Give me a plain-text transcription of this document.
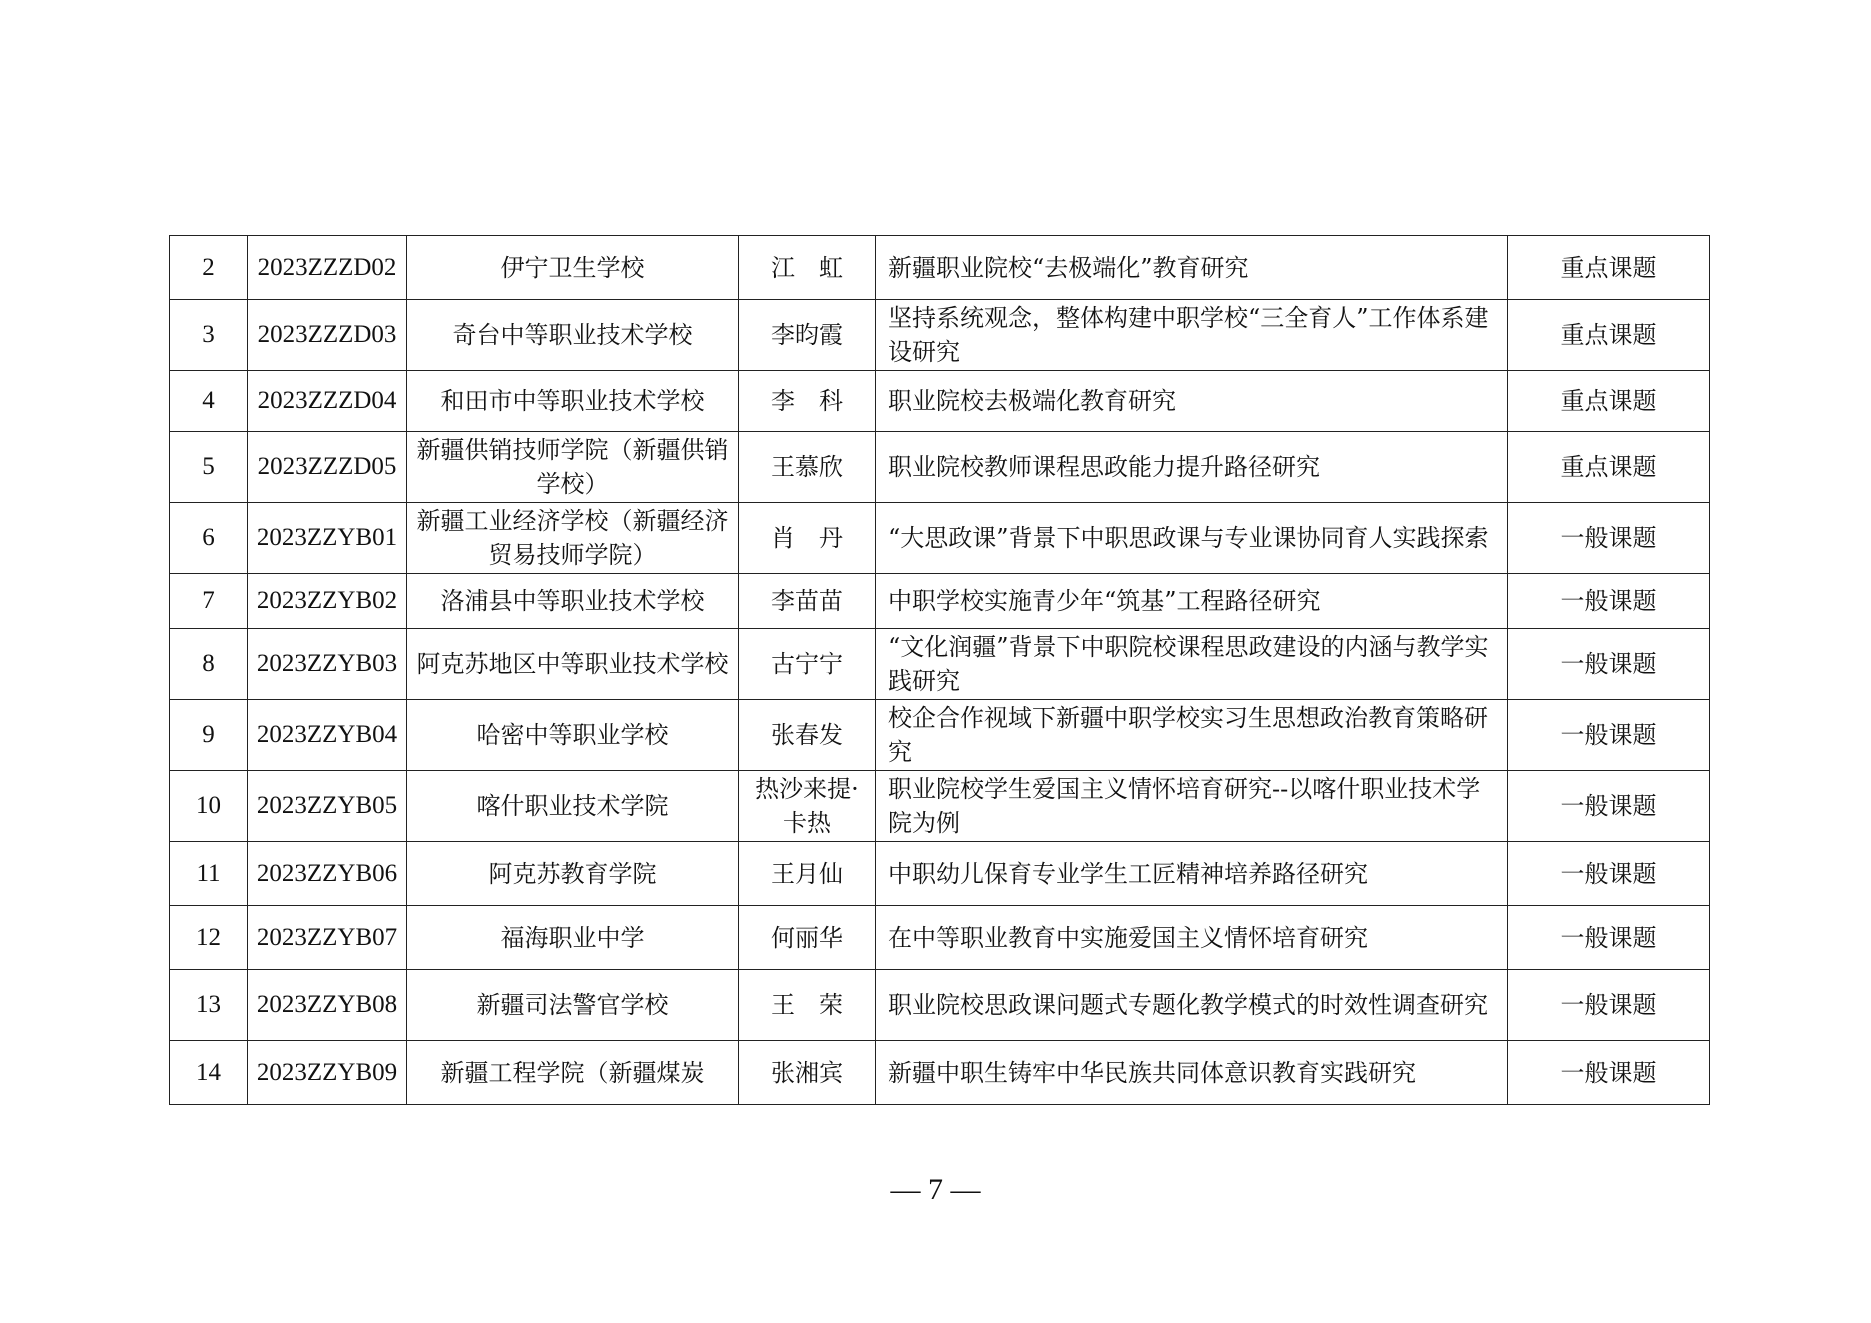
2	2023ZZZD02	伊宁卫生学校	江　虹	新疆职业院校“去极端化”教育研究	重点课题
3	2023ZZZD03	奇台中等职业技术学校	李昀霞	坚持系统观念，整体构建中职学校“三全育人”工作体系建设研究	重点课题
4	2023ZZZD04	和田市中等职业技术学校	李　科	职业院校去极端化教育研究	重点课题
5	2023ZZZD05	新疆供销技师学院（新疆供销学校）	王慕欣	职业院校教师课程思政能力提升路径研究	重点课题
6	2023ZZYB01	新疆工业经济学校（新疆经济贸易技师学院）	肖　丹	“大思政课”背景下中职思政课与专业课协同育人实践探索	一般课题
7	2023ZZYB02	洛浦县中等职业技术学校	李苗苗	中职学校实施青少年“筑基”工程路径研究	一般课题
8	2023ZZYB03	阿克苏地区中等职业技术学校	古宁宁	“文化润疆”背景下中职院校课程思政建设的内涵与教学实践研究	一般课题
9	2023ZZYB04	哈密中等职业学校	张春发	校企合作视域下新疆中职学校实习生思想政治教育策略研究	一般课题
10	2023ZZYB05	喀什职业技术学院	热沙来提·卡热	职业院校学生爱国主义情怀培育研究--以喀什职业技术学院为例	一般课题
11	2023ZZYB06	阿克苏教育学院	王月仙	中职幼儿保育专业学生工匠精神培养路径研究	一般课题
12	2023ZZYB07	福海职业中学	何丽华	在中等职业教育中实施爱国主义情怀培育研究	一般课题
13	2023ZZYB08	新疆司法警官学校	王　荣	职业院校思政课问题式专题化教学模式的时效性调查研究	一般课题
14	2023ZZYB09	新疆工程学院（新疆煤炭	张湘宾	新疆中职生铸牢中华民族共同体意识教育实践研究	一般课题
— 7 —
